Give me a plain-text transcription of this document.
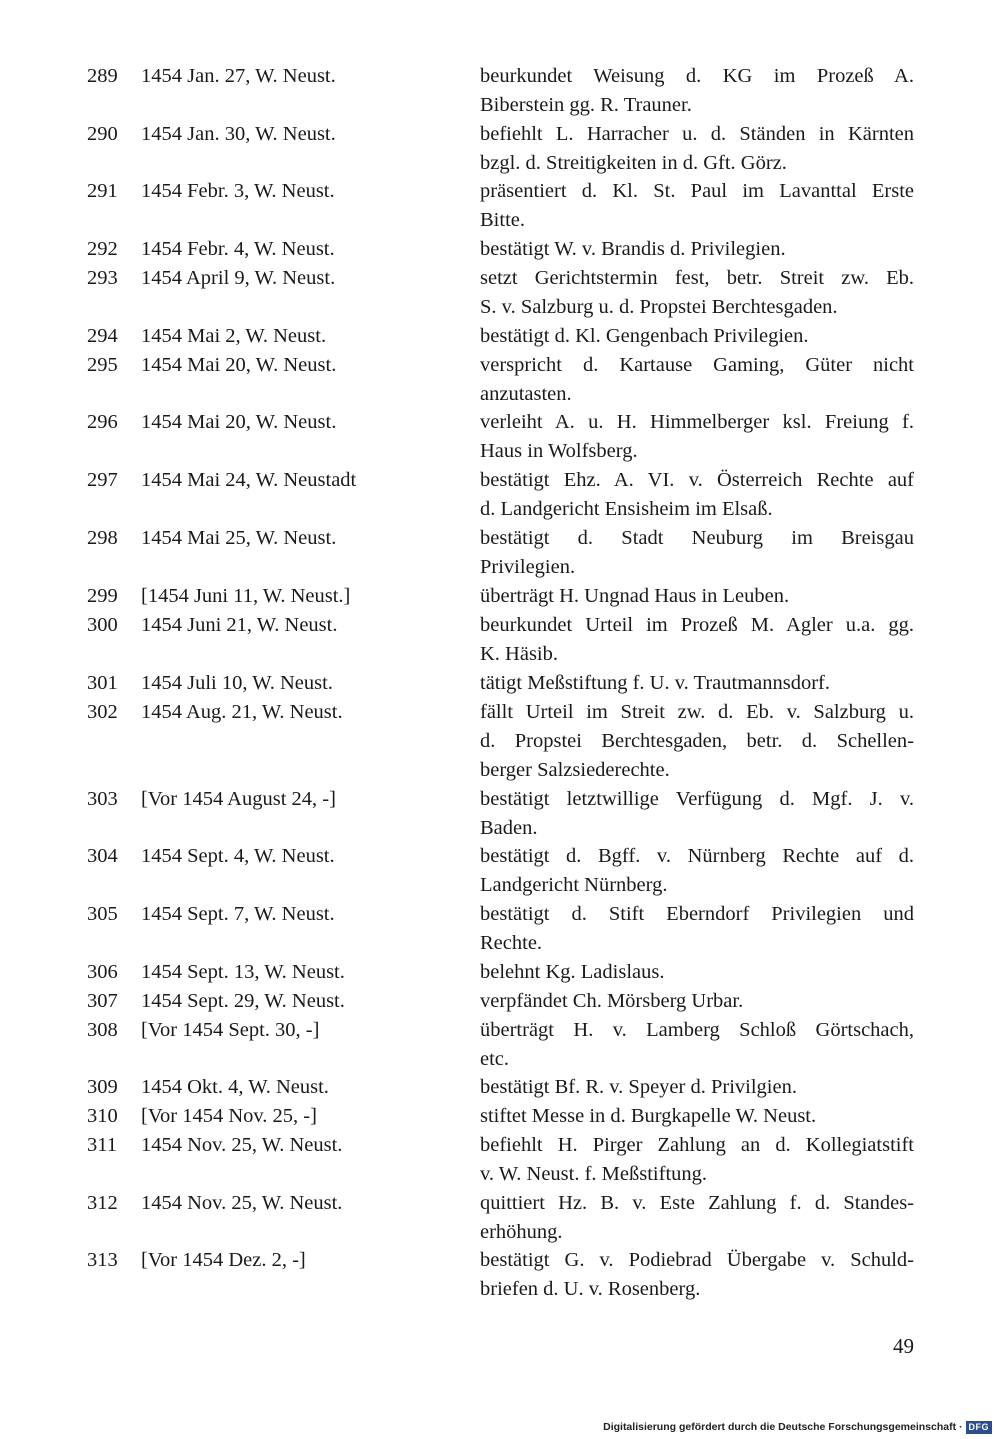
289 1454 Jan. 27, W. Neust.	beurkundet Weisung d. KG im Prozeß A.
Biberstein gg. R. Trauner.
290 1454 Jan. 30, W. Neust.	befiehlt L. Harracher u. d. Ständen in Kärnten
bzgl. d. Streitigkeiten in d. Gft. Görz.
291 1454 Febr. 3, W. Neust.	präsentiert d. Kl. St. Paul im Lavanttal Erste
Bitte.
292 1454 Febr. 4, W. Neust.	bestätigt W. v. Brandis d. Privilegien.
293 1454 April 9, W. Neust.	setzt Gerichtstermin fest, betr. Streit zw. Eb.
S. v. Salzburg u. d. Propstei Berchtesgaden.
294 1454 Mai 2, W. Neust.	bestätigt d. Kl. Gengenbach Privilegien.
295 1454 Mai 20, W. Neust.	verspricht d. Kartause Gaming, Güter nicht
anzutasten.
296 1454 Mai 20, W. Neust.	verleiht A. u. H. Himmelberger ksl. Freiung f.
Haus in Wolfsberg.
297 1454 Mai 24, W. Neustadt	bestätigt Ehz. A. VI. v. Österreich Rechte auf
d. Landgericht Ensisheim im Elsaß.
298 1454 Mai 25, W. Neust.	bestätigt d. Stadt Neuburg im Breisgau
Privilegien.
299 [1454 Juni 11, W. Neust.]	überträgt H. Ungnad Haus in Leuben.
300 1454 Juni 21, W. Neust.	beurkundet Urteil im Prozeß M. Agler u.a. gg.
K. Häsib.
301 1454 Juli 10, W. Neust.	tätigt Meßstiftung f. U. v. Trautmannsdorf.
302 1454 Aug. 21, W. Neust.	fällt Urteil im Streit zw. d. Eb. v. Salzburg u.
d. Propstei Berchtesgaden, betr. d. Schellen-
berger Salzsiederechte.
303 [Vor 1454 August 24, -]	bestätigt letztwillige Verfügung d. Mgf. J. v.
Baden.
304 1454 Sept. 4, W. Neust.	bestätigt d. Bgff. v. Nürnberg Rechte auf d.
Landgericht Nürnberg.
305 1454 Sept. 7, W. Neust.	bestätigt d. Stift Eberndorf Privilegien und
Rechte.
306 1454 Sept. 13, W. Neust.	belehnt Kg. Ladislaus.
307 1454 Sept. 29, W. Neust.	verpfändet Ch. Mörsberg Urbar.
308 [Vor 1454 Sept. 30, -]	überträgt H. v. Lamberg Schloß Görtschach,
etc.
309 1454 Okt. 4, W. Neust.	bestätigt Bf. R. v. Speyer d. Privilgien.
310 [Vor 1454 Nov. 25, -]	stiftet Messe in d. Burgkapelle W. Neust.
311 1454 Nov. 25, W. Neust.	befiehlt H. Pirger Zahlung an d. Kollegiatstift
v. W. Neust. f. Meßstiftung.
312 1454 Nov. 25, W. Neust.	quittiert Hz. B. v. Este Zahlung f. d. Standes-
erhöhung.
313 [Vor 1454 Dez. 2, -]	bestätigt G. v. Podiebrad Übergabe v. Schuld-
briefen d. U. v. Rosenberg.
49
Digitalisierung gefördert durch die Deutsche Forschungsgemeinschaft · DFG
